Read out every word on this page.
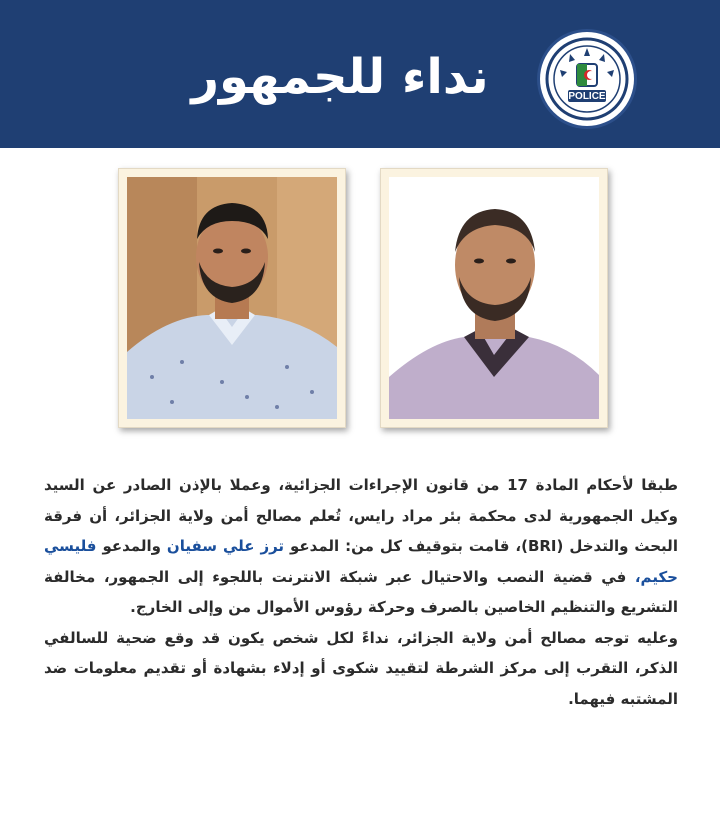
نداء للجمهور	POLICE

طبقا لأحكام المادة 17 من قانون الإجراءات الجزائية، وعملا بالإذن الصادر عن السيد وكيل الجمهورية لدى محكمة بئر مراد رايس، تُعلم مصالح أمن ولاية الجزائر، أن فرقة البحث والتدخل (BRI)، قامت بتوقيف كل من: المدعو ترز علي سفيان والمدعو فليسي حكيم، في قضية النصب والاحتيال عبر شبكة الانترنت باللجوء إلى الجمهور، مخالفة التشريع والتنظيم الخاصين بالصرف وحركة رؤوس الأموال من وإلى الخارج.

وعليه توجه مصالح أمن ولاية الجزائر، نداءً لكل شخص يكون قد وقع ضحية للسالفي الذكر، التقرب إلى مركز الشرطة لتقييد شكوى أو إدلاء بشهادة أو تقديم معلومات ضد المشتبه فيهما.
